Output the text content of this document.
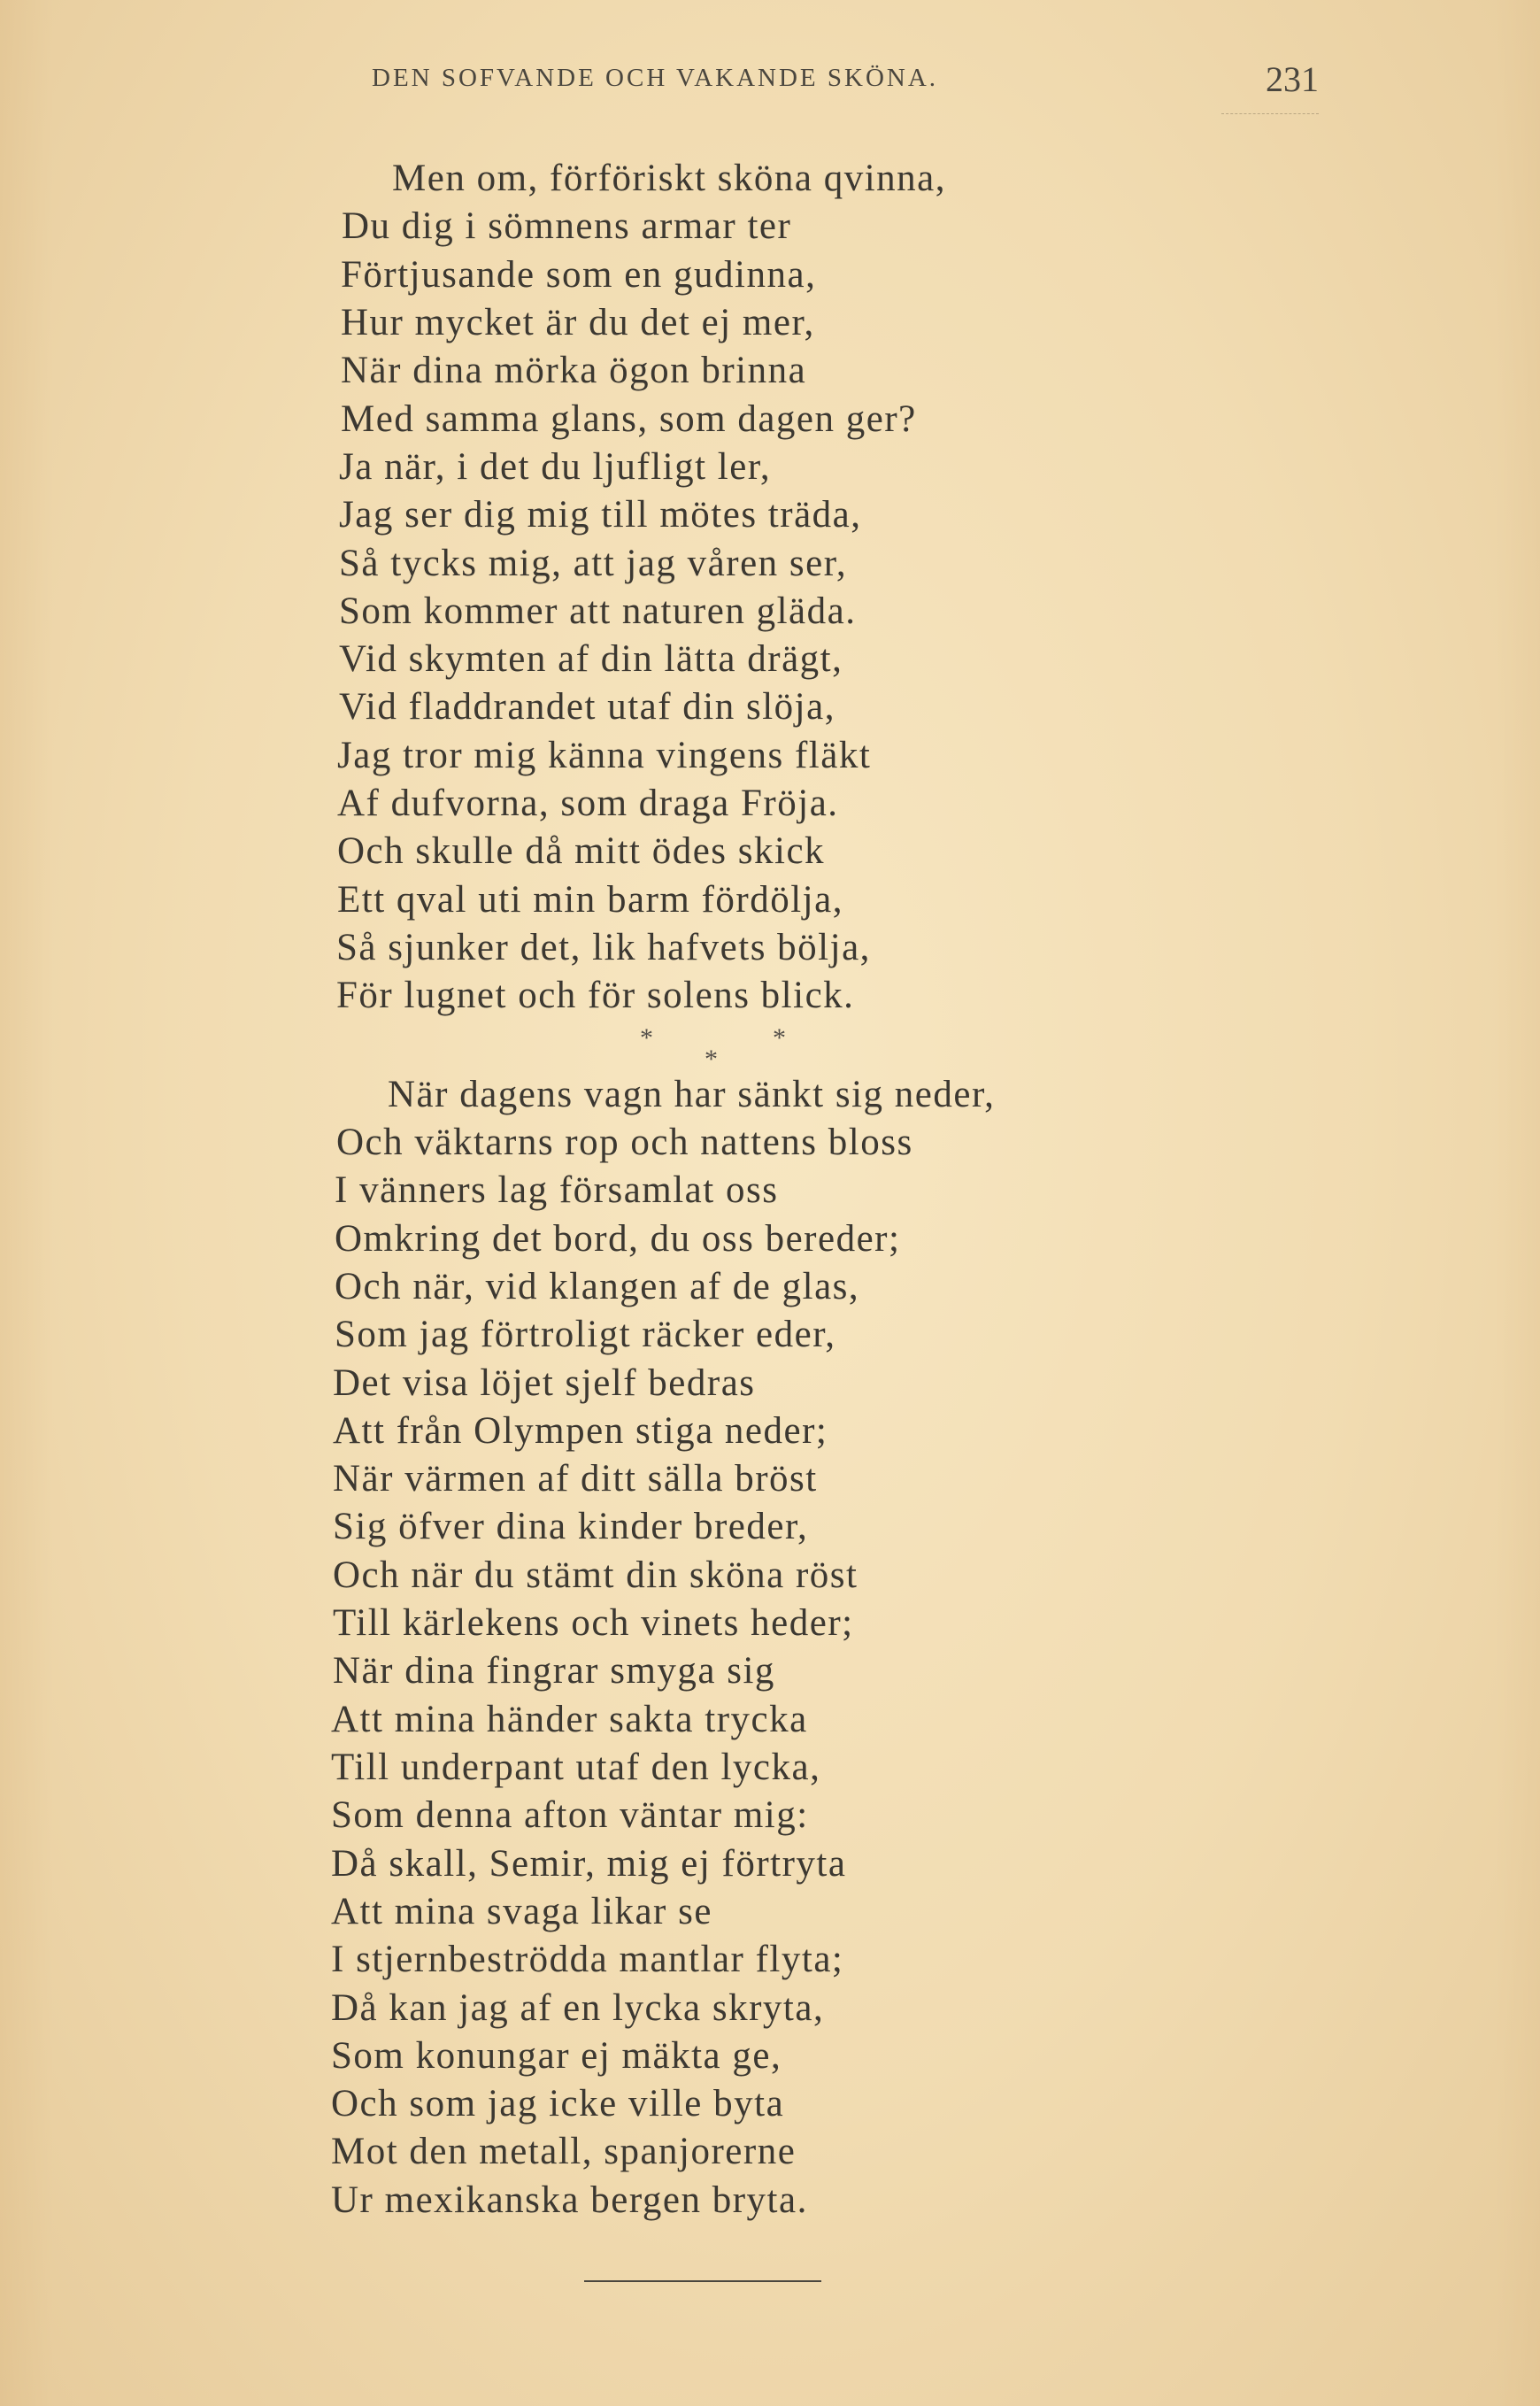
DEN SOFVANDE OCH VAKANDE SKÖNA.	231
Men om, förföriskt sköna qvinna,
Du dig i sömnens armar ter
Förtjusande som en gudinna,
Hur mycket är du det ej mer,
När dina mörka ögon brinna
Med samma glans, som dagen ger?
Ja när, i det du ljufligt ler,
Jag ser dig mig till mötes träda,
Så tycks mig, att jag våren ser,
Som kommer att naturen gläda.
Vid skymten af din lätta drägt,
Vid fladdrandet utaf din slöja,
Jag tror mig känna vingens fläkt
Af dufvorna, som draga Fröja.
Och skulle då mitt ödes skick
Ett qval uti min barm fördölja,
Så sjunker det, lik hafvets bölja,
För lugnet och för solens blick.
*
*
*
När dagens vagn har sänkt sig neder,
Och väktarns rop och nattens bloss
I vänners lag församlat oss
Omkring det bord, du oss bereder;
Och när, vid klangen af de glas,
Som jag förtroligt räcker eder,
Det visa löjet sjelf bedras
Att från Olympen stiga neder;
När värmen af ditt sälla bröst
Sig öfver dina kinder breder,
Och när du stämt din sköna röst
Till kärlekens och vinets heder;
När dina fingrar smyga sig
Att mina händer sakta trycka
Till underpant utaf den lycka,
Som denna afton väntar mig:
Då skall, Semir, mig ej förtryta
Att mina svaga likar se
I stjernbeströdda mantlar flyta;
Då kan jag af en lycka skryta,
Som konungar ej mäkta ge,
Och som jag icke ville byta
Mot den metall, spanjorerne
Ur mexikanska bergen bryta.
